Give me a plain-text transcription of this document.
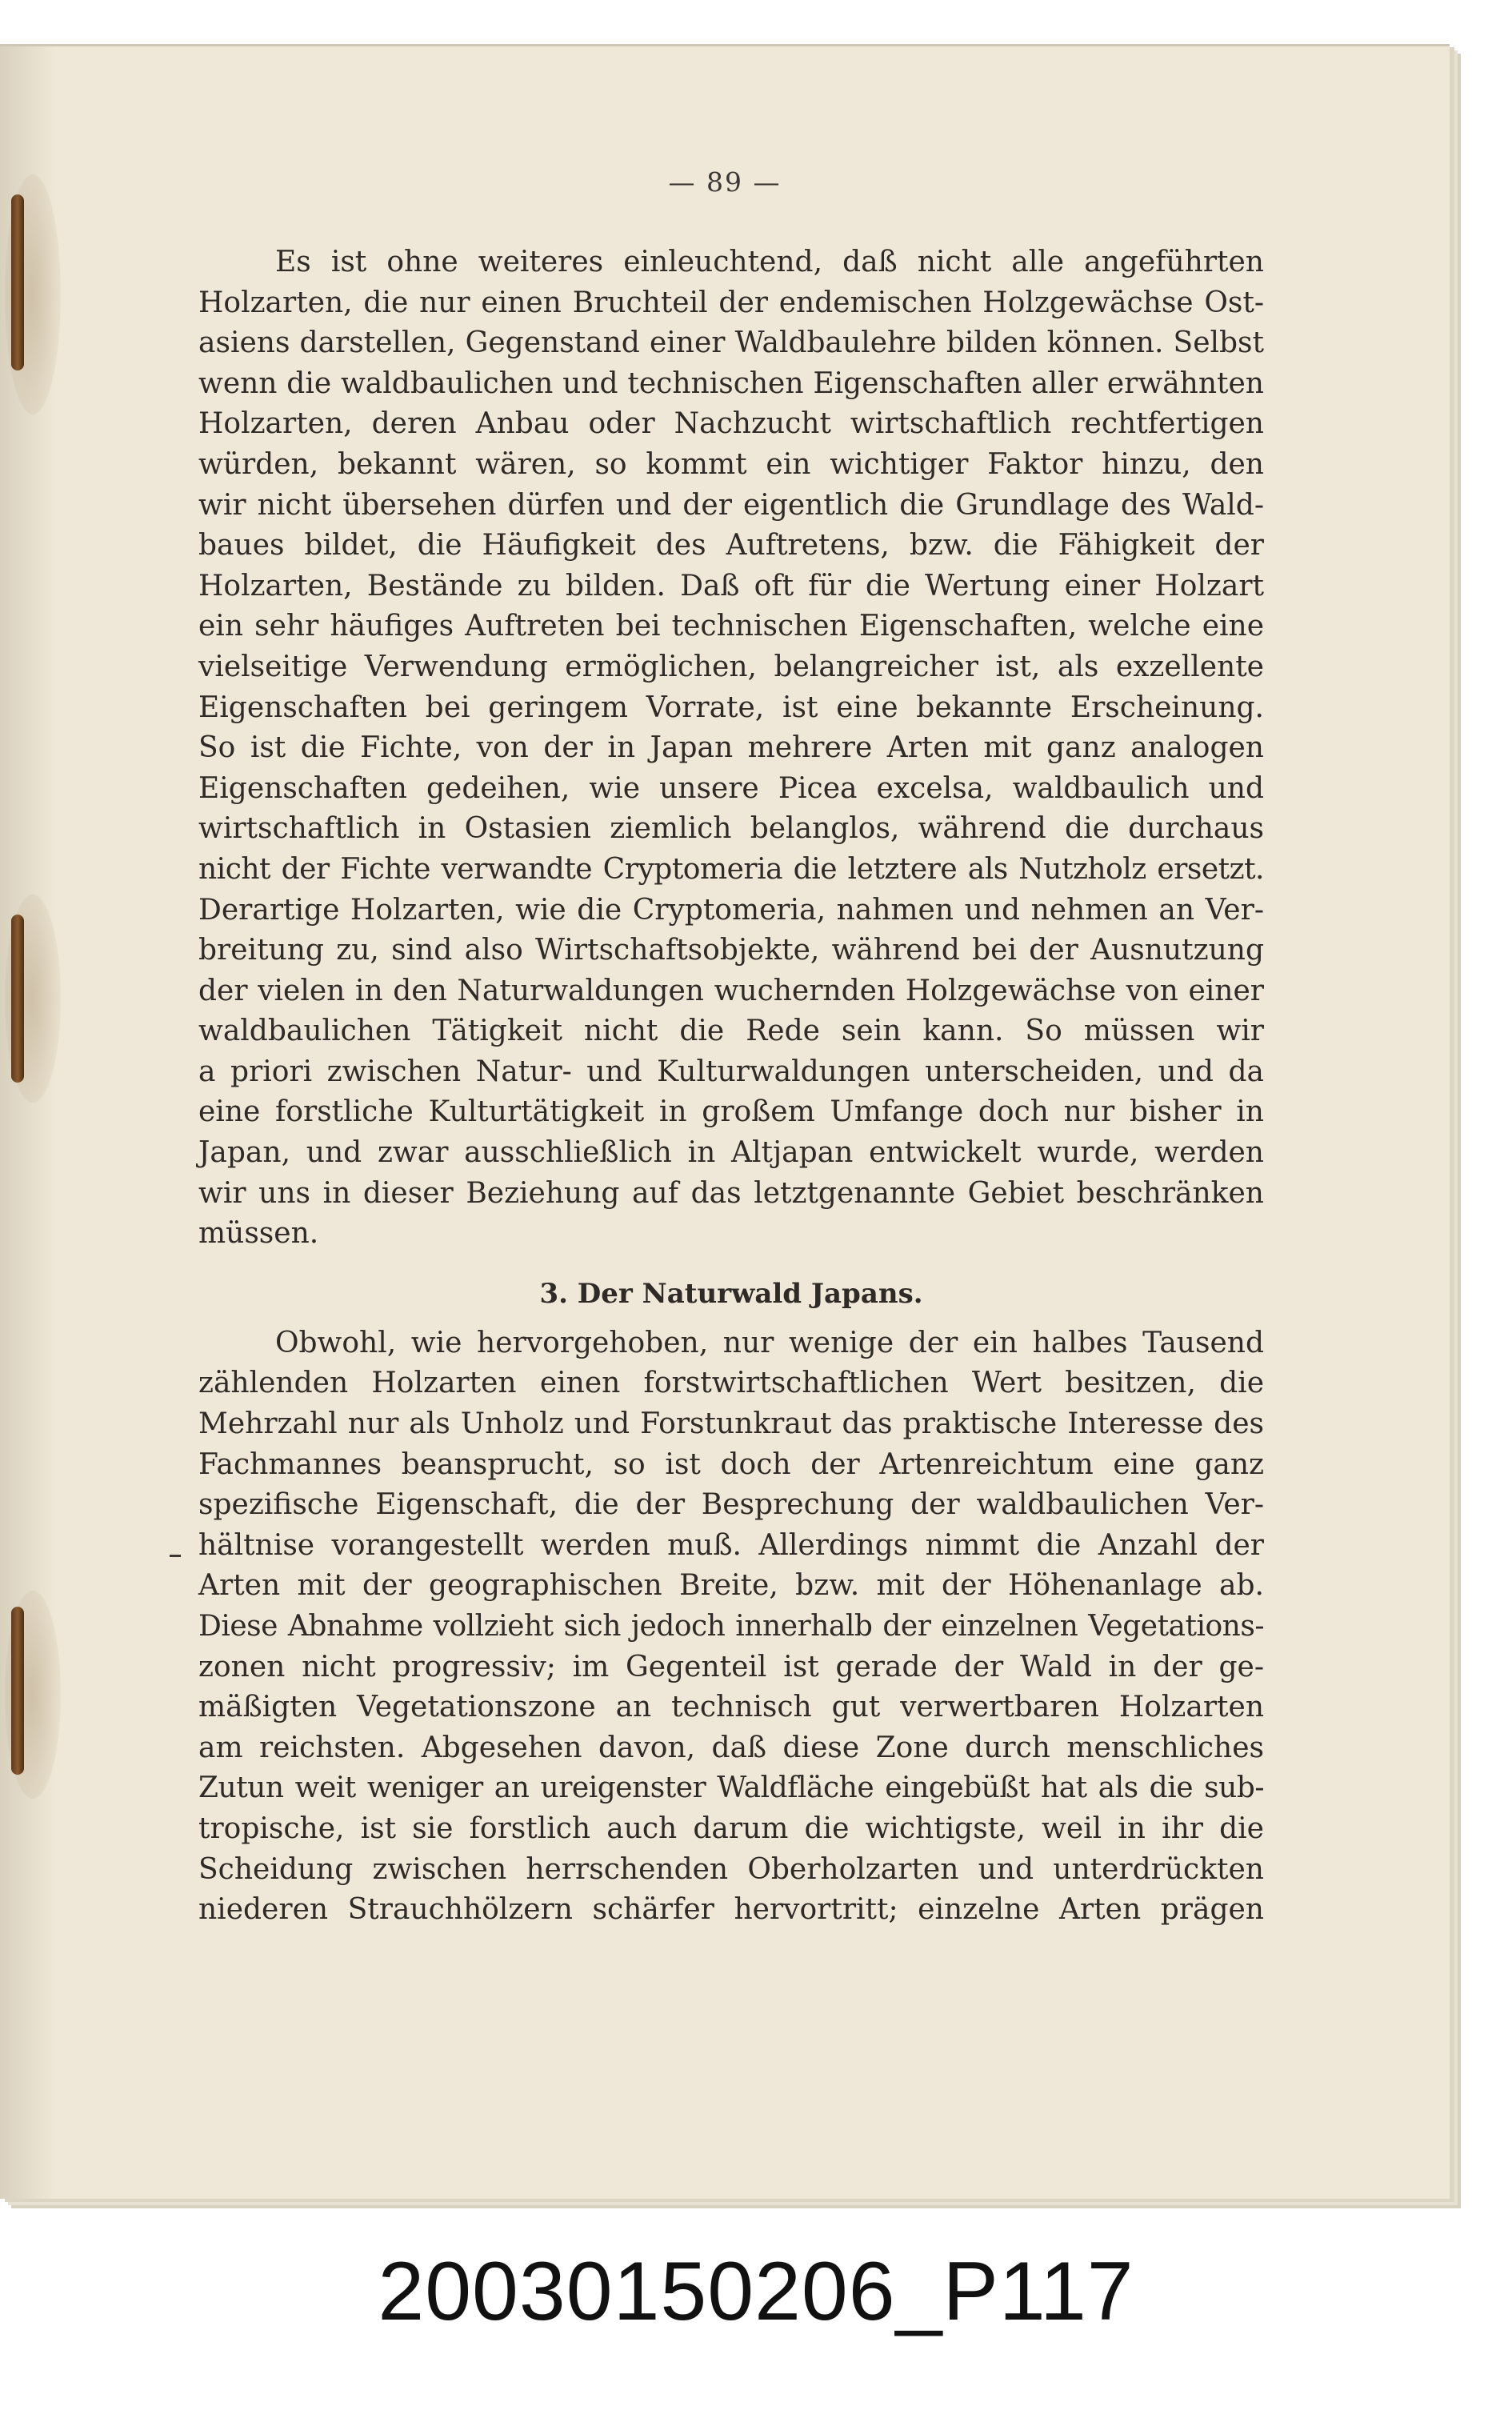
— 89 —
Es ist ohne weiteres einleuchtend, daß nicht alle angeführten
Holzarten, die nur einen Bruchteil der endemischen Holzgewächse Ost-
asiens darstellen, Gegenstand einer Waldbaulehre bilden können. Selbst
wenn die waldbaulichen und technischen Eigenschaften aller erwähnten
Holzarten, deren Anbau oder Nachzucht wirtschaftlich rechtfertigen
würden, bekannt wären, so kommt ein wichtiger Faktor hinzu, den
wir nicht übersehen dürfen und der eigentlich die Grundlage des Wald-
baues bildet, die Häufigkeit des Auftretens, bzw. die Fähigkeit der
Holzarten, Bestände zu bilden. Daß oft für die Wertung einer Holzart
ein sehr häufiges Auftreten bei technischen Eigenschaften, welche eine
vielseitige Verwendung ermöglichen, belangreicher ist, als exzellente
Eigenschaften bei geringem Vorrate, ist eine bekannte Erscheinung.
So ist die Fichte, von der in Japan mehrere Arten mit ganz analogen
Eigenschaften gedeihen, wie unsere Picea excelsa, waldbaulich und
wirtschaftlich in Ostasien ziemlich belanglos, während die durchaus
nicht der Fichte verwandte Cryptomeria die letztere als Nutzholz ersetzt.
Derartige Holzarten, wie die Cryptomeria, nahmen und nehmen an Ver-
breitung zu, sind also Wirtschaftsobjekte, während bei der Ausnutzung
der vielen in den Naturwaldungen wuchernden Holzgewächse von einer
waldbaulichen Tätigkeit nicht die Rede sein kann. So müssen wir
a priori zwischen Natur- und Kulturwaldungen unterscheiden, und da
eine forstliche Kulturtätigkeit in großem Umfange doch nur bisher in
Japan, und zwar ausschließlich in Altjapan entwickelt wurde, werden
wir uns in dieser Beziehung auf das letztgenannte Gebiet beschränken
müssen.
3. Der Naturwald Japans.
Obwohl, wie hervorgehoben, nur wenige der ein halbes Tausend
zählenden Holzarten einen forstwirtschaftlichen Wert besitzen, die
Mehrzahl nur als Unholz und Forstunkraut das praktische Interesse des
Fachmannes beansprucht, so ist doch der Artenreichtum eine ganz
spezifische Eigenschaft, die der Besprechung der waldbaulichen Ver-
hältnise vorangestellt werden muß. Allerdings nimmt die Anzahl der
Arten mit der geographischen Breite, bzw. mit der Höhenanlage ab.
Diese Abnahme vollzieht sich jedoch innerhalb der einzelnen Vegetations-
zonen nicht progressiv; im Gegenteil ist gerade der Wald in der ge-
mäßigten Vegetationszone an technisch gut verwertbaren Holzarten
am reichsten. Abgesehen davon, daß diese Zone durch menschliches
Zutun weit weniger an ureigenster Waldfläche eingebüßt hat als die sub-
tropische, ist sie forstlich auch darum die wichtigste, weil in ihr die
Scheidung zwischen herrschenden Oberholzarten und unterdrückten
niederen Strauchhölzern schärfer hervortritt; einzelne Arten prägen
20030150206_P117
